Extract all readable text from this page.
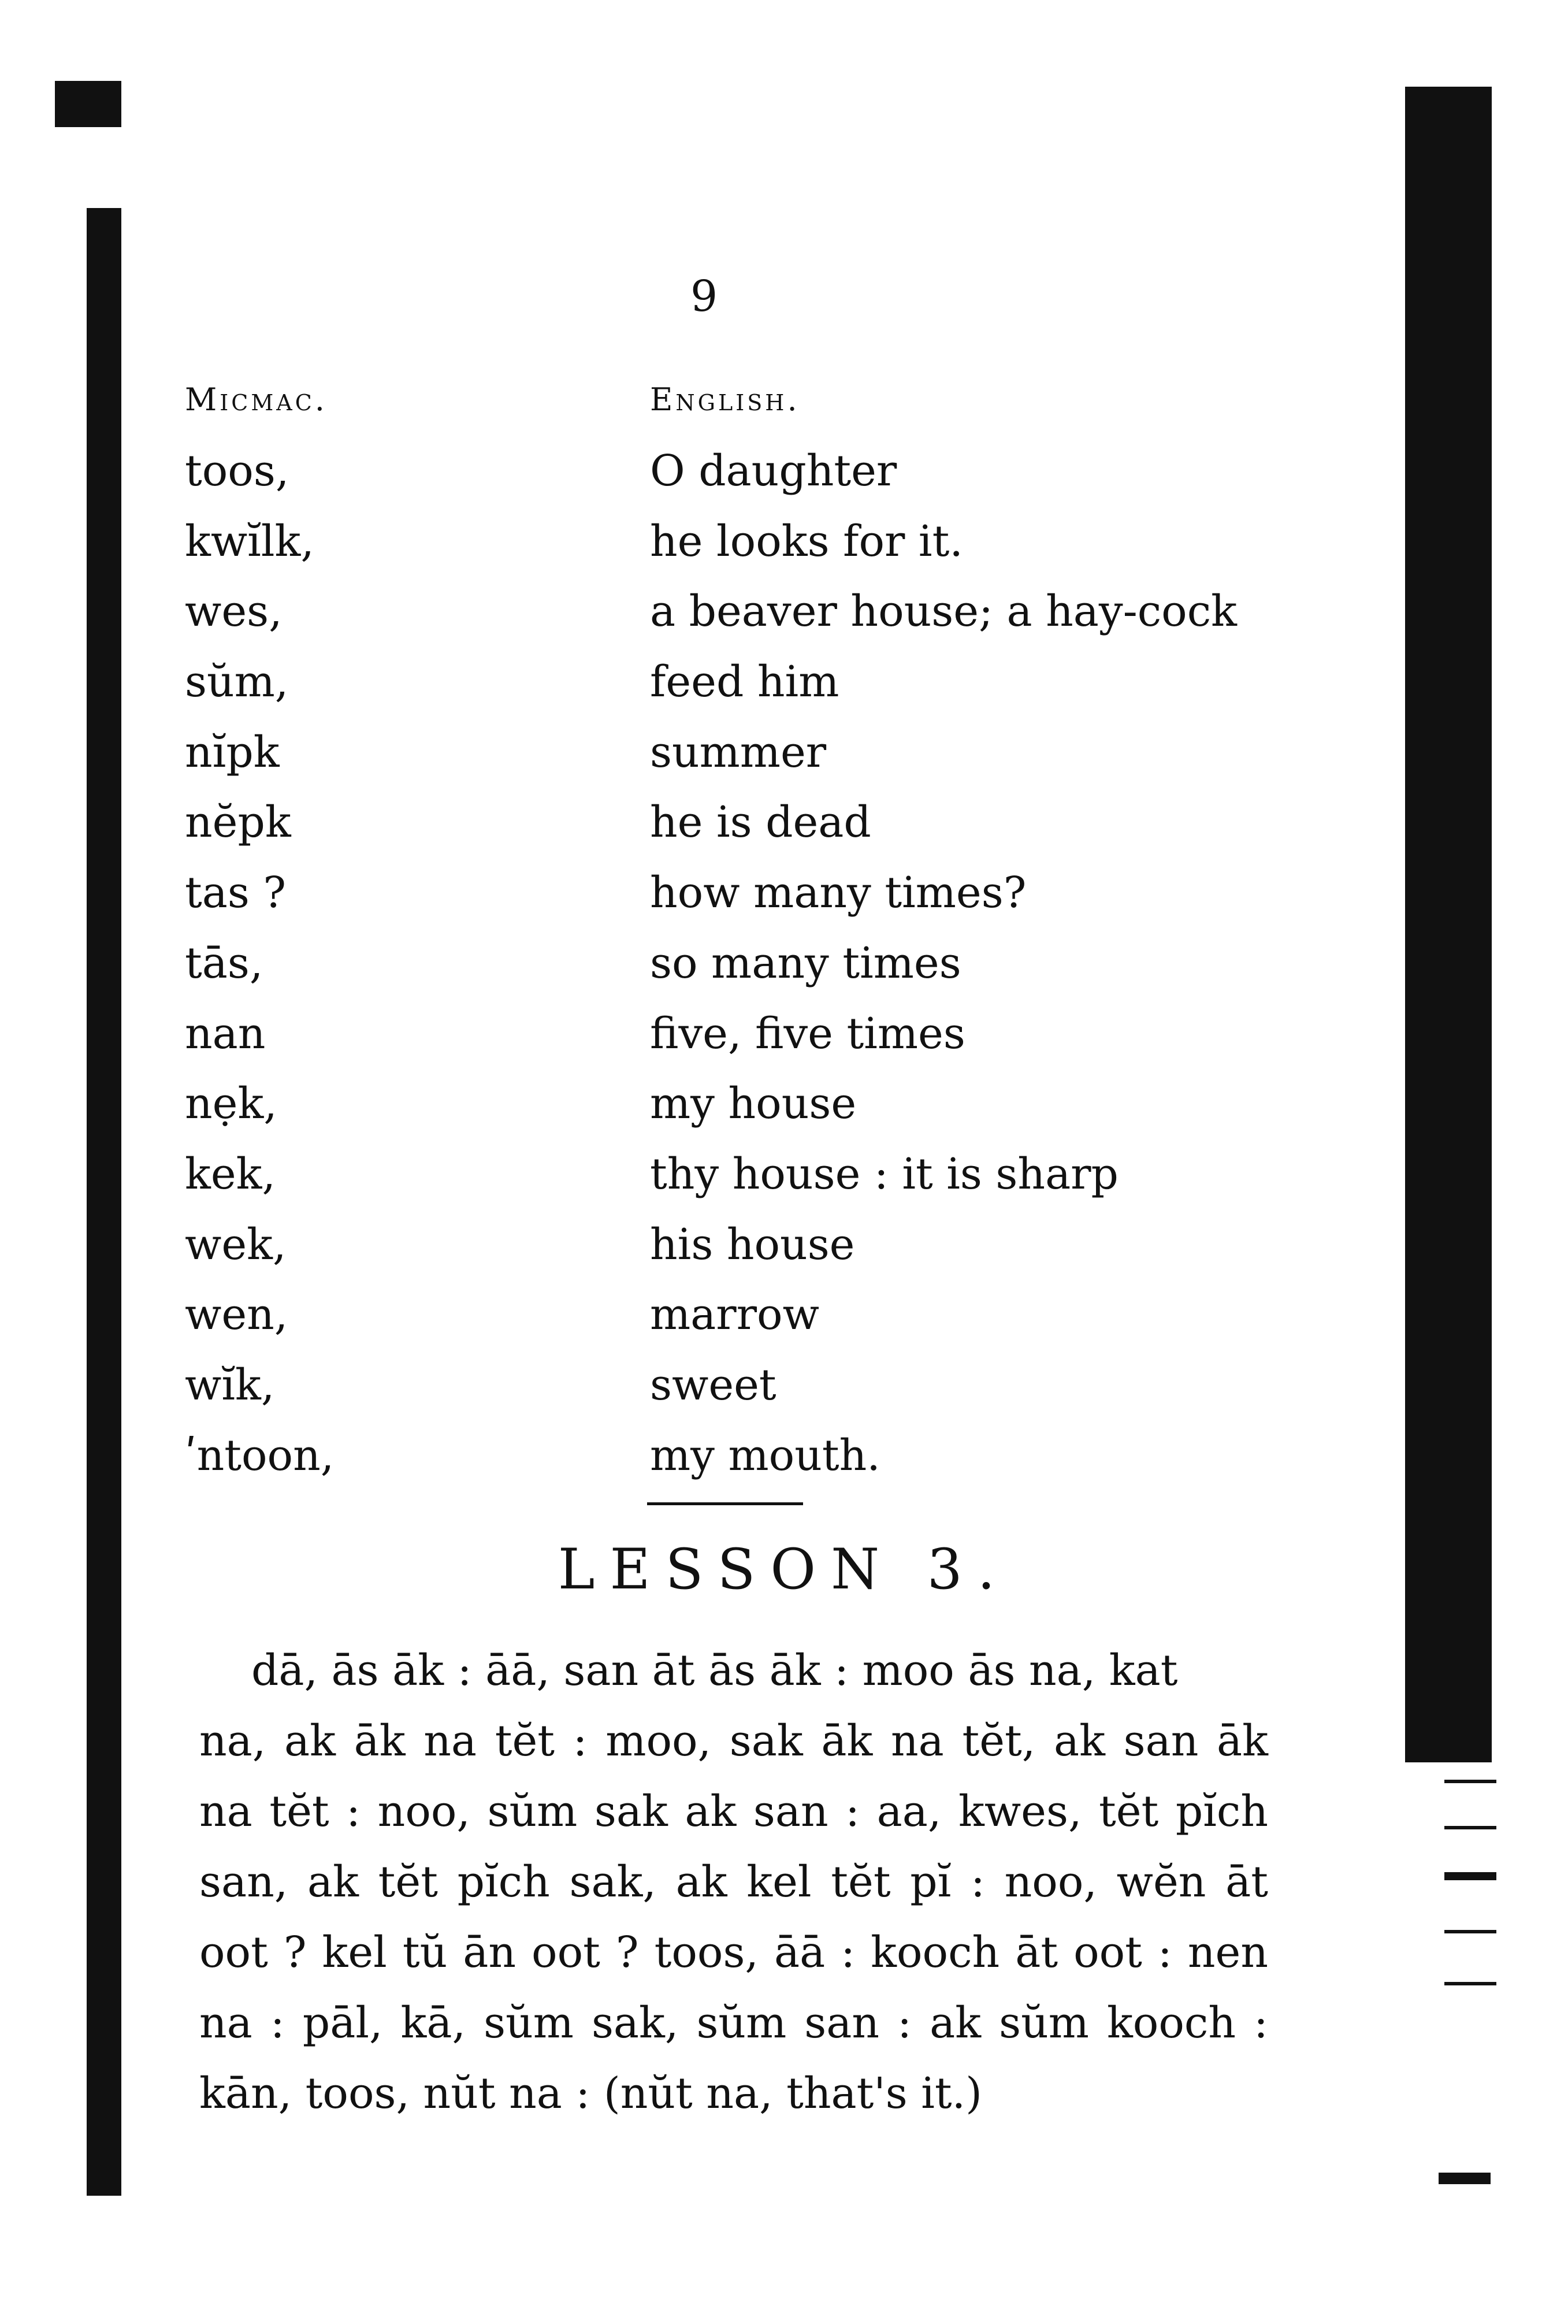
9
Micmac.	English.
toos,	O daughter
kwĭlk,	he looks for it.
wes,	a beaver house; a hay-cock
sŭm,	feed him
nĭpk	summer
nĕpk	he is dead
tas ?	how many times?
tās,	so many times
nan	five, five times
nẹk,	my house
kek,	thy house : it is sharp
wek,	his house
wen,	marrow
wĭk,	sweet
ʹntoon,	my mouth.
LESSON 3.

dā, ās āk : āā, san āt ās āk : moo ās na, kat
na, ak āk na tĕt : moo, sak āk na tĕt, ak san āk na tĕt : noo, sŭm sak ak san : aa, kwes, tĕt pĭch san, ak tĕt pĭch sak, ak kel tĕt pĭ : noo, wĕn āt oot ? kel tŭ ān oot ? toos, āā : kooch āt oot : nen na : pāl, kā, sŭm sak, sŭm san : ak sŭm kooch : kān, toos, nŭt na : (nŭt na, that's it.)
